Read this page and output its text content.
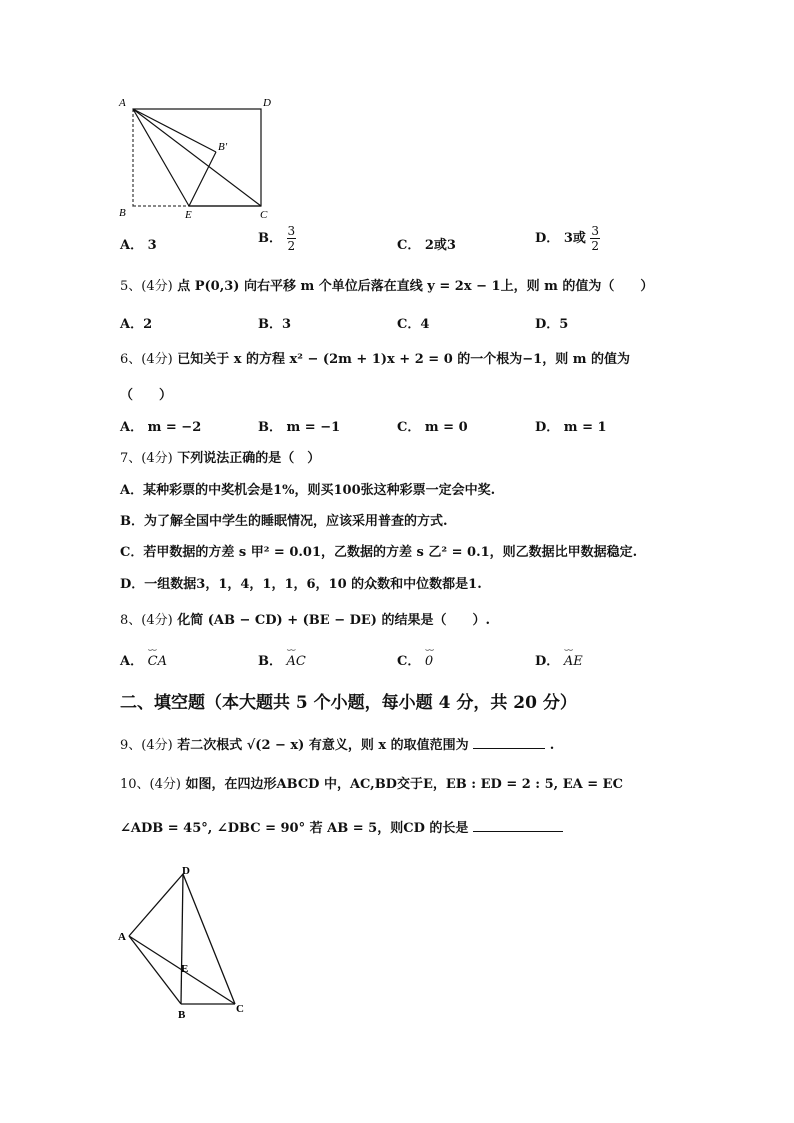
A	D
B'
B	E	C
A． 3	B． $\frac{3}{2}$	C． 2或3	D． 3或 $\frac{3}{2}$
5、(4分) 点 P(0,3) 向右平移 m 个单位后落在直线 y = 2x − 1上，则 m 的值为（　　）
A．2	B．3	C．4	D．5
6、(4分) 已知关于 x 的方程 x² − (2m + 1)x + 2 = 0 的一个根为−1，则 m 的值为
（　　）
A． m = −2	B． m = −1	C． m = 0	D． m = 1
7、(4分) 下列说法正确的是（　）
A．某种彩票的中奖机会是1%，则买100张这种彩票一定会中奖.
B．为了解全国中学生的睡眠情况，应该采用普查的方式.
C．若甲数据的方差 s 甲² = 0.01，乙数据的方差 s 乙² = 0.1，则乙数据比甲数据稳定.
D．一组数据3，1，4，1，1，6，10 的众数和中位数都是1.
8、(4分) 化简 (AB − CD) + (BE − DE) 的结果是（　　）.
A． ⌣⌣ CA	B． ⌣⌣ AC	C． ⌣⌣ 0	D． ⌣⌣ AE
二、填空题（本大题共 5 个小题，每小题 4 分，共 20 分）
9、(4分) 若二次根式 √(2 − x) 有意义，则 x 的取值范围为	.
10、(4分) 如图，在四边形ABCD 中，AC,BD交于E，EB : ED = 2 : 5, EA = EC
∠ADB = 45°, ∠DBC = 90° 若 AB = 5，则CD 的长是
D
A
E
B	C
